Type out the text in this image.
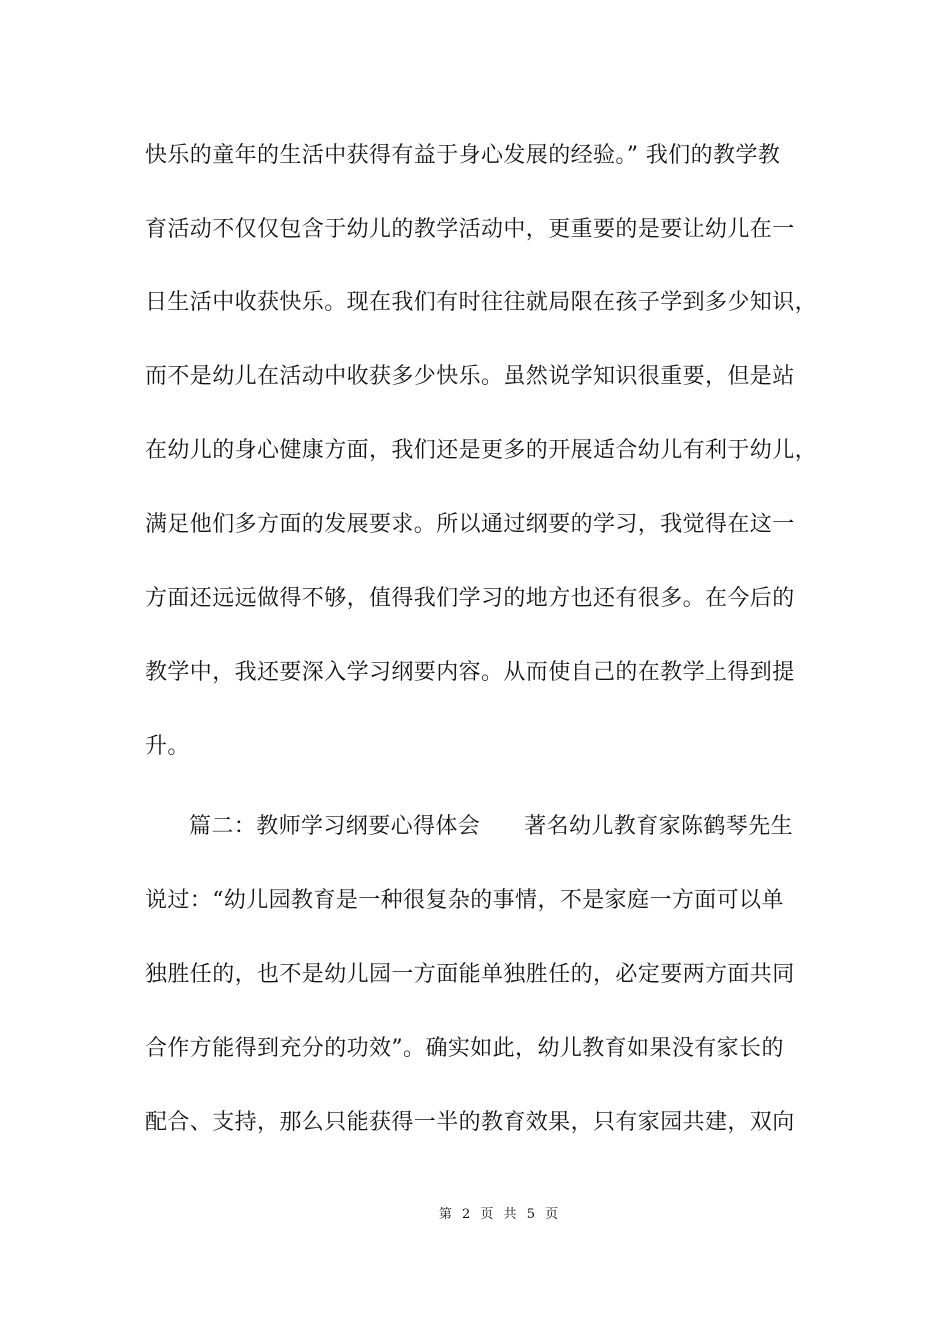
快乐的童年的生活中获得有益于身心发展的经验。” 我们的教学教
育活动不仅仅包含于幼儿的教学活动中，更重要的是要让幼儿在一
日生活中收获快乐。现在我们有时往往就局限在孩子学到多少知识，
而不是幼儿在活动中收获多少快乐。虽然说学知识很重要，但是站
在幼儿的身心健康方面，我们还是更多的开展适合幼儿有利于幼儿，
满足他们多方面的发展要求。所以通过纲要的学习，我觉得在这一
方面还远远做得不够，值得我们学习的地方也还有很多。在今后的
教学中，我还要深入学习纲要内容。从而使自己的在教学上得到提
升。
篇二：教师学习纲要心得体会 著名幼儿教育家陈鹤琴先生
说过：“幼儿园教育是一种很复杂的事情，不是家庭一方面可以单
独胜任的，也不是幼儿园一方面能单独胜任的，必定要两方面共同
合作方能得到充分的功效”。确实如此，幼儿教育如果没有家长的
配合、支持，那么只能获得一半的教育效果，只有家园共建，双向
第 2 页 共 5 页
